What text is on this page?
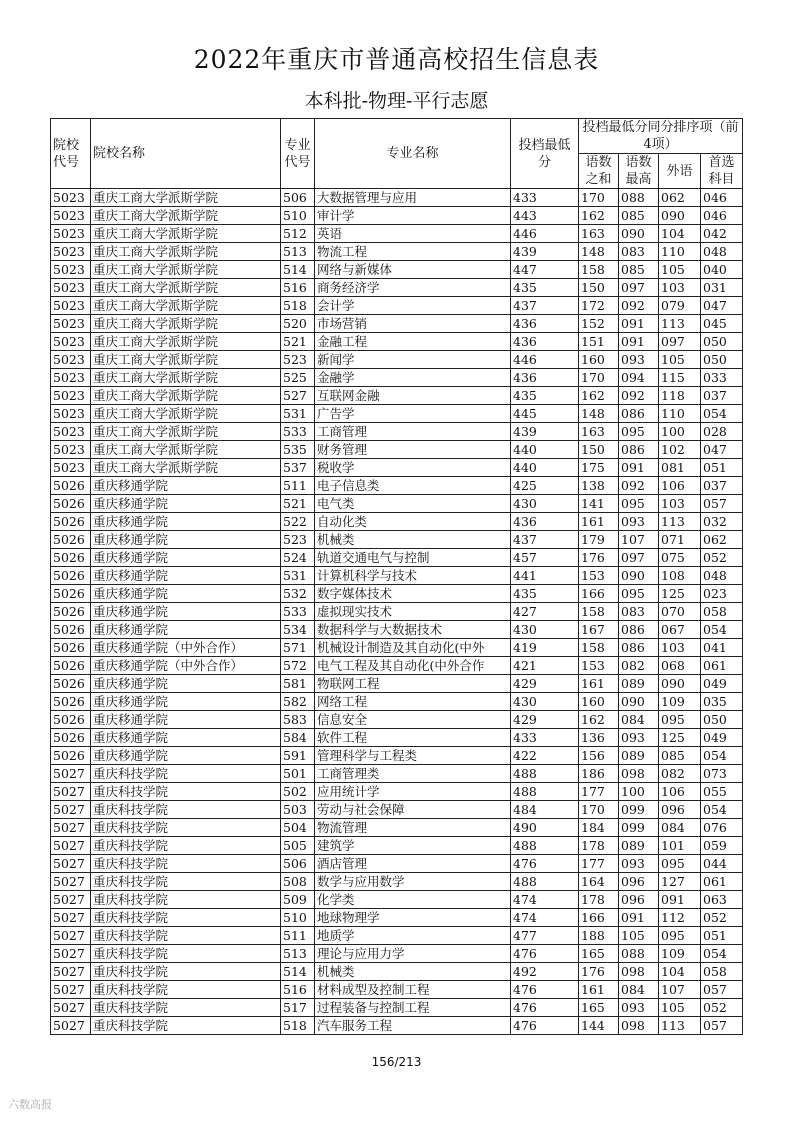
2022年重庆市普通高校招生信息表
本科批-物理-平行志愿
院校代号	院校名称	专业代号	专业名称	投档最低分	投档最低分同分排序项（前4项）			
					语数之和	语数最高	外语	首选科目
5023	重庆工商大学派斯学院	506	大数据管理与应用	433	170	088	062	046
5023	重庆工商大学派斯学院	510	审计学	443	162	085	090	046
5023	重庆工商大学派斯学院	512	英语	446	163	090	104	042
5023	重庆工商大学派斯学院	513	物流工程	439	148	083	110	048
5023	重庆工商大学派斯学院	514	网络与新媒体	447	158	085	105	040
5023	重庆工商大学派斯学院	516	商务经济学	435	150	097	103	031
5023	重庆工商大学派斯学院	518	会计学	437	172	092	079	047
5023	重庆工商大学派斯学院	520	市场营销	436	152	091	113	045
5023	重庆工商大学派斯学院	521	金融工程	436	151	091	097	050
5023	重庆工商大学派斯学院	523	新闻学	446	160	093	105	050
5023	重庆工商大学派斯学院	525	金融学	436	170	094	115	033
5023	重庆工商大学派斯学院	527	互联网金融	435	162	092	118	037
5023	重庆工商大学派斯学院	531	广告学	445	148	086	110	054
5023	重庆工商大学派斯学院	533	工商管理	439	163	095	100	028
5023	重庆工商大学派斯学院	535	财务管理	440	150	086	102	047
5023	重庆工商大学派斯学院	537	税收学	440	175	091	081	051
5026	重庆移通学院	511	电子信息类	425	138	092	106	037
5026	重庆移通学院	521	电气类	430	141	095	103	057
5026	重庆移通学院	522	自动化类	436	161	093	113	032
5026	重庆移通学院	523	机械类	437	179	107	071	062
5026	重庆移通学院	524	轨道交通电气与控制	457	176	097	075	052
5026	重庆移通学院	531	计算机科学与技术	441	153	090	108	048
5026	重庆移通学院	532	数字媒体技术	435	166	095	125	023
5026	重庆移通学院	533	虚拟现实技术	427	158	083	070	058
5026	重庆移通学院	534	数据科学与大数据技术	430	167	086	067	054
5026	重庆移通学院（中外合作）	571	机械设计制造及其自动化(中外	419	158	086	103	041
5026	重庆移通学院（中外合作）	572	电气工程及其自动化(中外合作	421	153	082	068	061
5026	重庆移通学院	581	物联网工程	429	161	089	090	049
5026	重庆移通学院	582	网络工程	430	160	090	109	035
5026	重庆移通学院	583	信息安全	429	162	084	095	050
5026	重庆移通学院	584	软件工程	433	136	093	125	049
5026	重庆移通学院	591	管理科学与工程类	422	156	089	085	054
5027	重庆科技学院	501	工商管理类	488	186	098	082	073
5027	重庆科技学院	502	应用统计学	488	177	100	106	055
5027	重庆科技学院	503	劳动与社会保障	484	170	099	096	054
5027	重庆科技学院	504	物流管理	490	184	099	084	076
5027	重庆科技学院	505	建筑学	488	178	089	101	059
5027	重庆科技学院	506	酒店管理	476	177	093	095	044
5027	重庆科技学院	508	数学与应用数学	488	164	096	127	061
5027	重庆科技学院	509	化学类	474	178	096	091	063
5027	重庆科技学院	510	地球物理学	474	166	091	112	052
5027	重庆科技学院	511	地质学	477	188	105	095	051
5027	重庆科技学院	513	理论与应用力学	476	165	088	109	054
5027	重庆科技学院	514	机械类	492	176	098	104	058
5027	重庆科技学院	516	材料成型及控制工程	476	161	084	107	057
5027	重庆科技学院	517	过程装备与控制工程	476	165	093	105	052
5027	重庆科技学院	518	汽车服务工程	476	144	098	113	057
156/213
六数高报
